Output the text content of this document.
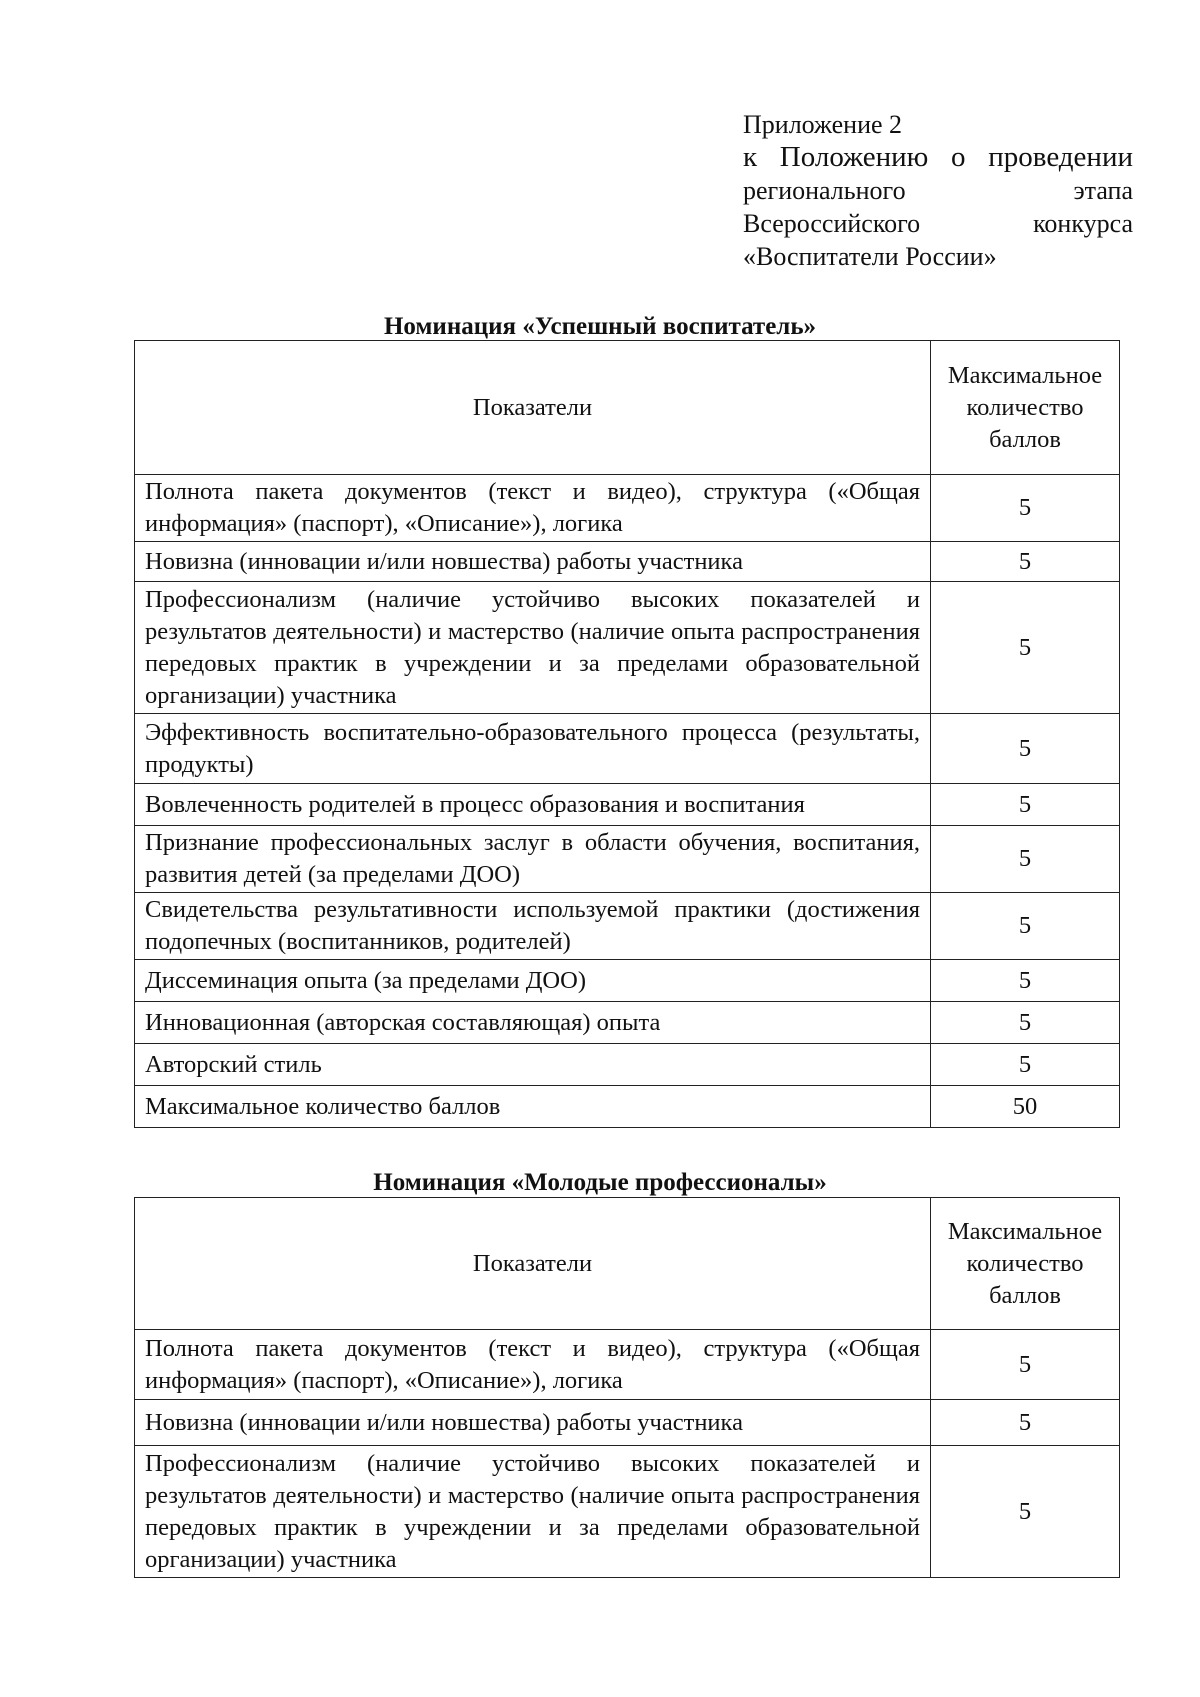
Приложение 2
к Положению о проведении
регионального этапа
Всероссийского конкурса
«Воспитатели России»
Номинация «Успешный воспитатель»
Показатели	Максимальное количество баллов
Полнота пакета документов (текст и видео), структура («Общая информация» (паспорт), «Описание»), логика	5
Новизна (инновации и/или новшества) работы участника	5
Профессионализм (наличие устойчиво высоких показателей и результатов деятельности) и мастерство (наличие опыта распространения передовых практик в учреждении и за пределами образовательной организации) участника	5
Эффективность воспитательно-образовательного процесса (результаты, продукты)	5
Вовлеченность родителей в процесс образования и воспитания	5
Признание профессиональных заслуг в области обучения, воспитания, развития детей (за пределами ДОО)	5
Свидетельства результативности используемой практики (достижения подопечных (воспитанников, родителей)	5
Диссеминация опыта (за пределами ДОО)	5
Инновационная (авторская составляющая) опыта	5
Авторский стиль	5
Максимальное количество баллов	50
Номинация «Молодые профессионалы»
Показатели	Максимальное количество баллов
Полнота пакета документов (текст и видео), структура («Общая информация» (паспорт), «Описание»), логика	5
Новизна (инновации и/или новшества) работы участника	5
Профессионализм (наличие устойчиво высоких показателей и результатов деятельности) и мастерство (наличие опыта распространения передовых практик в учреждении и за пределами образовательной организации) участника	5
